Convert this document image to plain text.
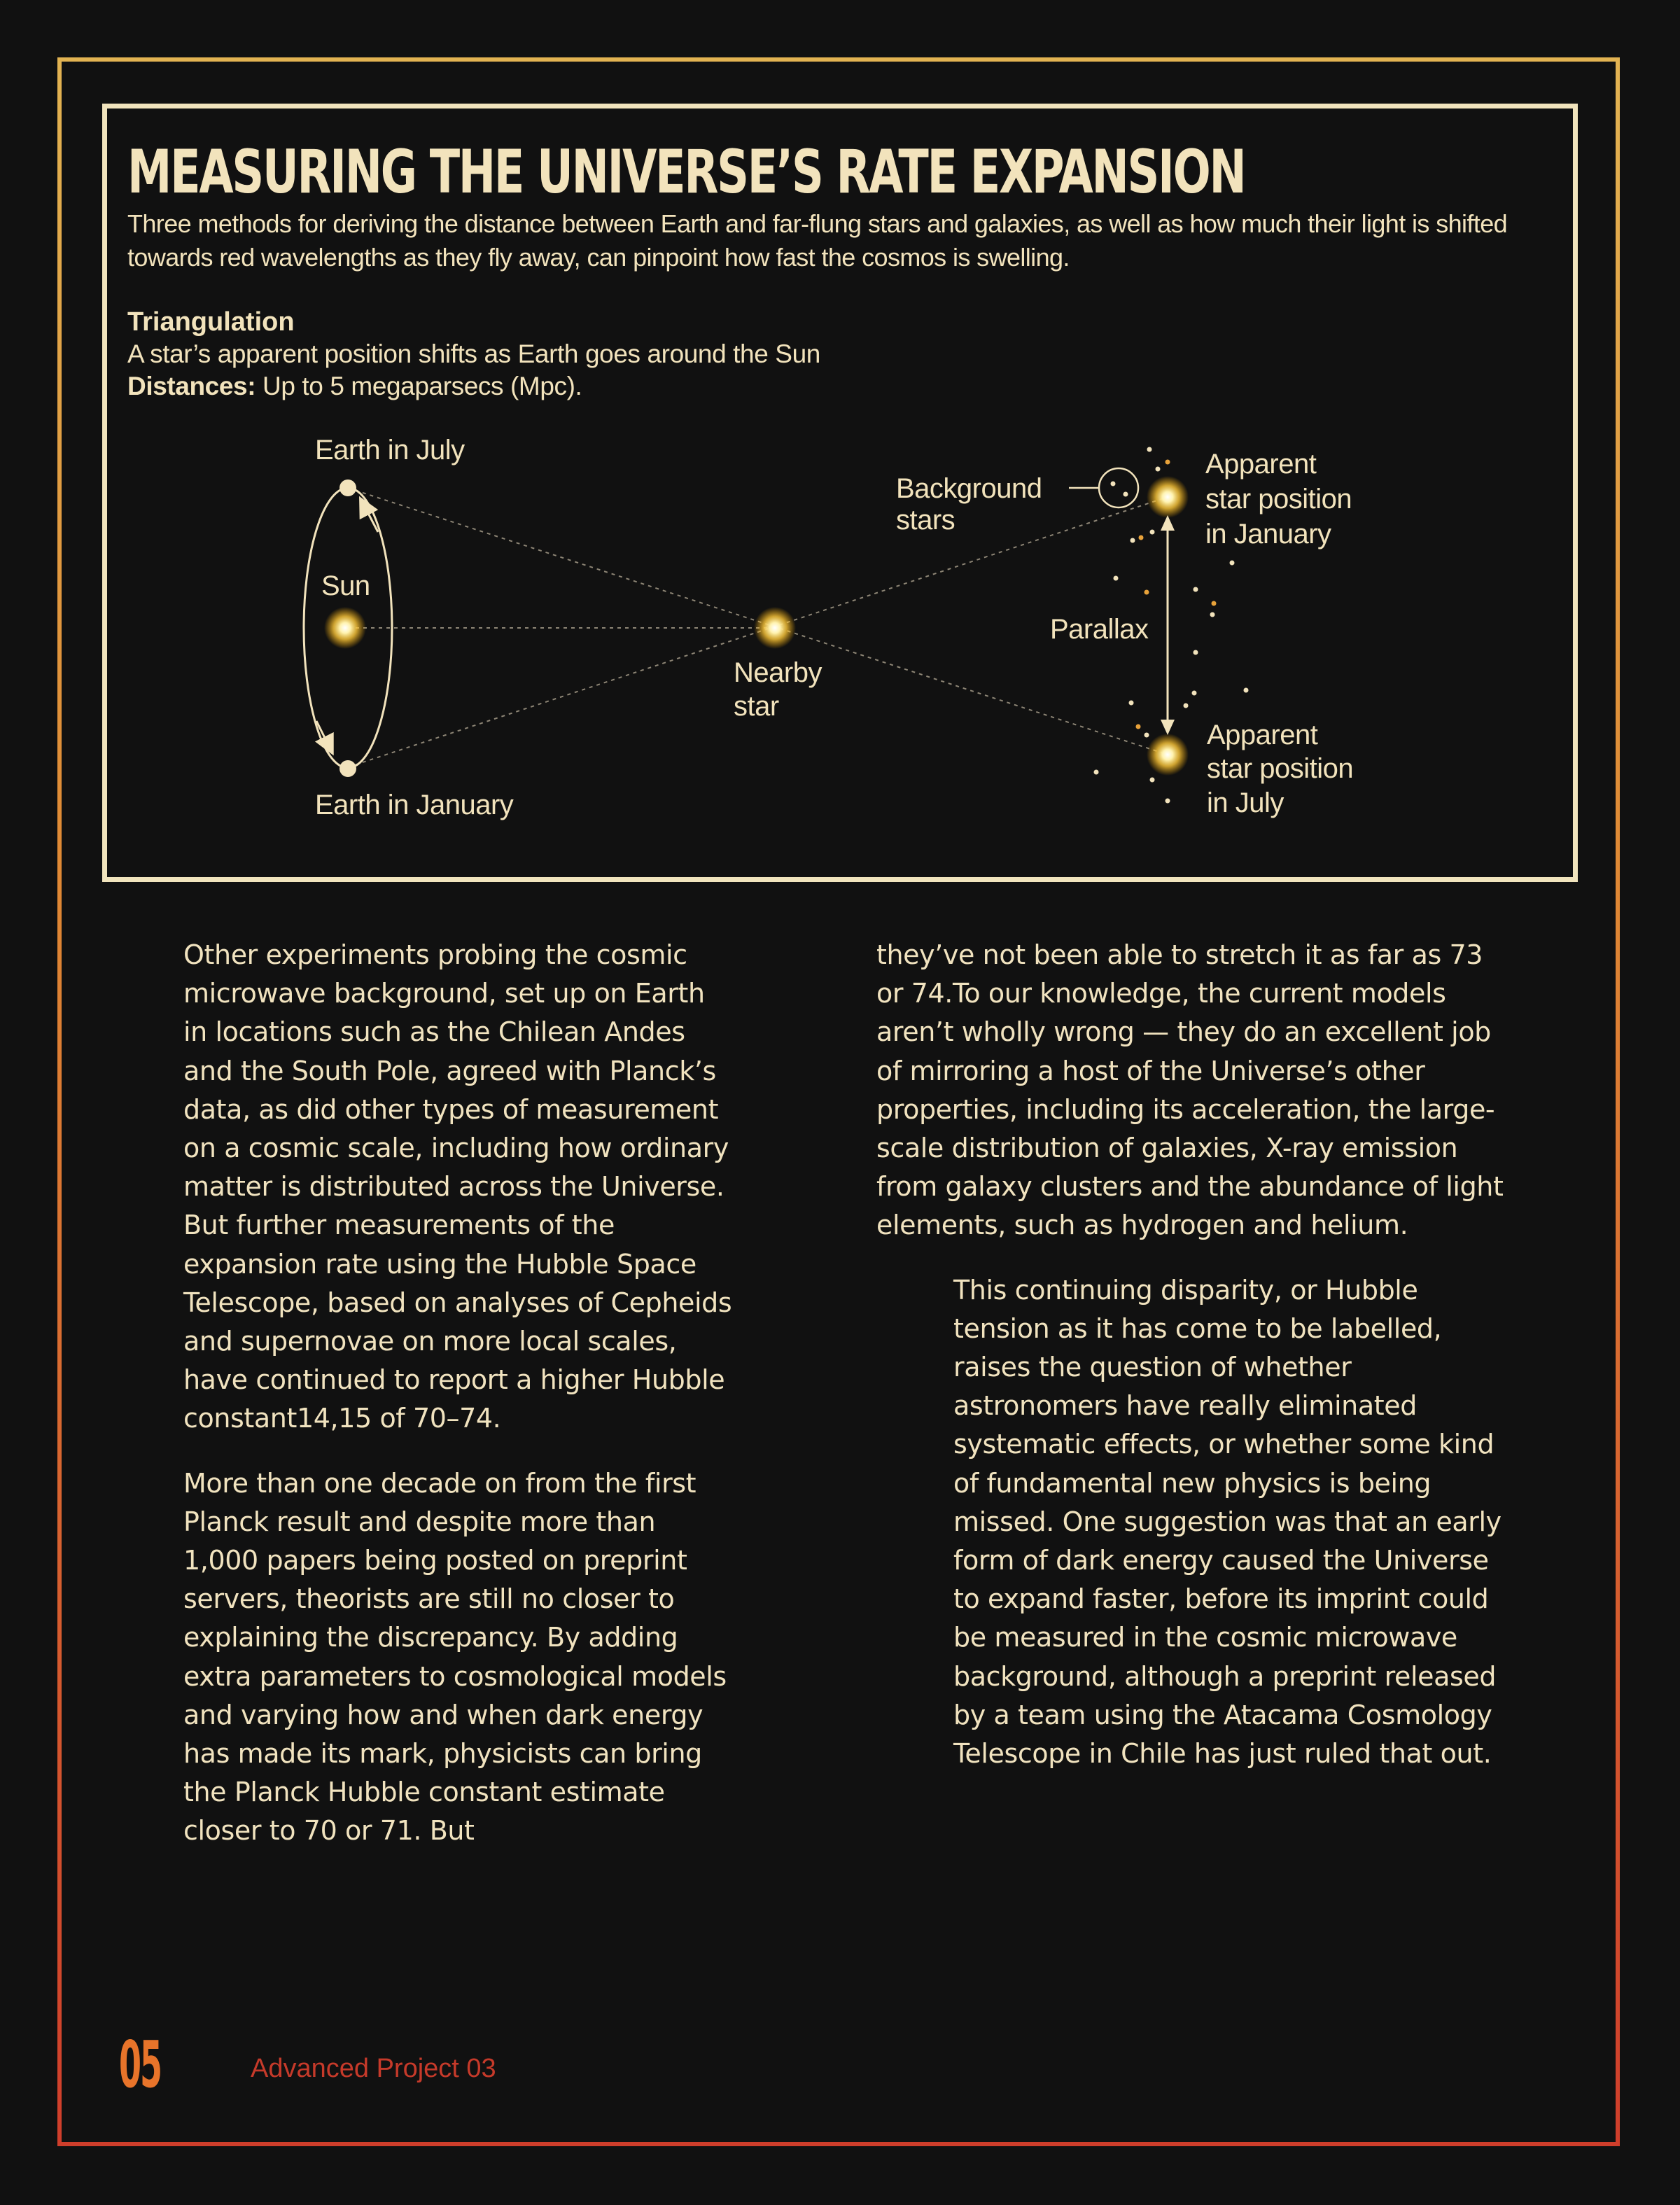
MEASURING THE UNIVERSE’S RATE EXPANSION

Three methods for deriving the distance between Earth and far-flung stars and galaxies, as well as how much their light is shifted towards red wavelengths as they fly away, can pinpoint how fast the cosmos is swelling.

Triangulation

A star’s apparent position shifts as Earth goes around the Sun

Distances: Up to 5 megaparsecs (Mpc).

Earth in July
Earth in January
Sun
Nearby
star
Background
stars
Parallax
Apparent
star position
in January
Apparent
star position
in July

Other experiments probing the cosmic microwave background, set up on Earth in locations such as the Chilean Andes and the South Pole, agreed with Planck’s data, as did other types of measurement on a cosmic scale, including how ordinary matter is distributed across the Universe. But further measurements of the expansion rate using the Hubble Space Telescope, based on analyses of Cepheids and supernovae on more local scales, have continued to report a higher Hubble constant14,15 of 70–74.

More than one decade on from the first Planck result and despite more than 1,000 papers being posted on preprint servers, theorists are still no closer to explaining the discrepancy. By adding extra parameters to cosmological models and varying how and when dark energy has made its mark, physicists can bring the Planck Hubble constant estimate closer to 70 or 71. But

they’ve not been able to stretch it as far as 73 or 74.To our knowledge, the current models aren’t wholly wrong — they do an excellent job of mirroring a host of the Universe’s other properties, including its acceleration, the large-scale distribution of galaxies, X-ray emission from galaxy clusters and the abundance of light elements, such as hydrogen and helium.

This continuing disparity, or Hubble tension as it has come to be labelled, raises the question of whether astronomers have really eliminated systematic effects, or whether some kind of fundamental new physics is being missed. One suggestion was that an early form of dark energy caused the Universe to expand faster, before its imprint could be measured in the cosmic microwave background, although a preprint released by a team using the Atacama Cosmology Telescope in Chile has just ruled that out.

05	Advanced Project 03
